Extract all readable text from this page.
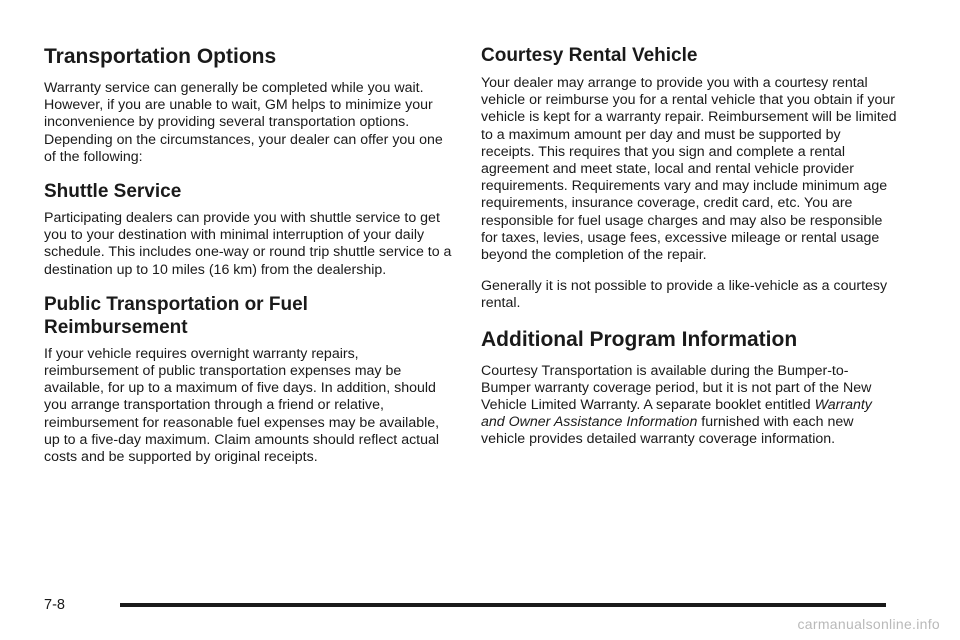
Transportation Options

Warranty service can generally be completed while you wait. However, if you are unable to wait, GM helps to minimize your inconvenience by providing several transportation options. Depending on the circumstances, your dealer can offer you one of the following:

Shuttle Service

Participating dealers can provide you with shuttle service to get you to your destination with minimal interruption of your daily schedule. This includes one-way or round trip shuttle service to a destination up to 10 miles (16 km) from the dealership.

Public Transportation or Fuel Reimbursement

If your vehicle requires overnight warranty repairs, reimbursement of public transportation expenses may be available, for up to a maximum of five days. In addition, should you arrange transportation through a friend or relative, reimbursement for reasonable fuel expenses may be available, up to a five-day maximum. Claim amounts should reflect actual costs and be supported by original receipts.

Courtesy Rental Vehicle

Your dealer may arrange to provide you with a courtesy rental vehicle or reimburse you for a rental vehicle that you obtain if your vehicle is kept for a warranty repair. Reimbursement will be limited to a maximum amount per day and must be supported by receipts. This requires that you sign and complete a rental agreement and meet state, local and rental vehicle provider requirements. Requirements vary and may include minimum age requirements, insurance coverage, credit card, etc. You are responsible for fuel usage charges and may also be responsible for taxes, levies, usage fees, excessive mileage or rental usage beyond the completion of the repair.

Generally it is not possible to provide a like-vehicle as a courtesy rental.

Additional Program Information

Courtesy Transportation is available during the Bumper-to-Bumper warranty coverage period, but it is not part of the New Vehicle Limited Warranty. A separate booklet entitled Warranty and Owner Assistance Information furnished with each new vehicle provides detailed warranty coverage information.

7-8
carmanualsonline.info
